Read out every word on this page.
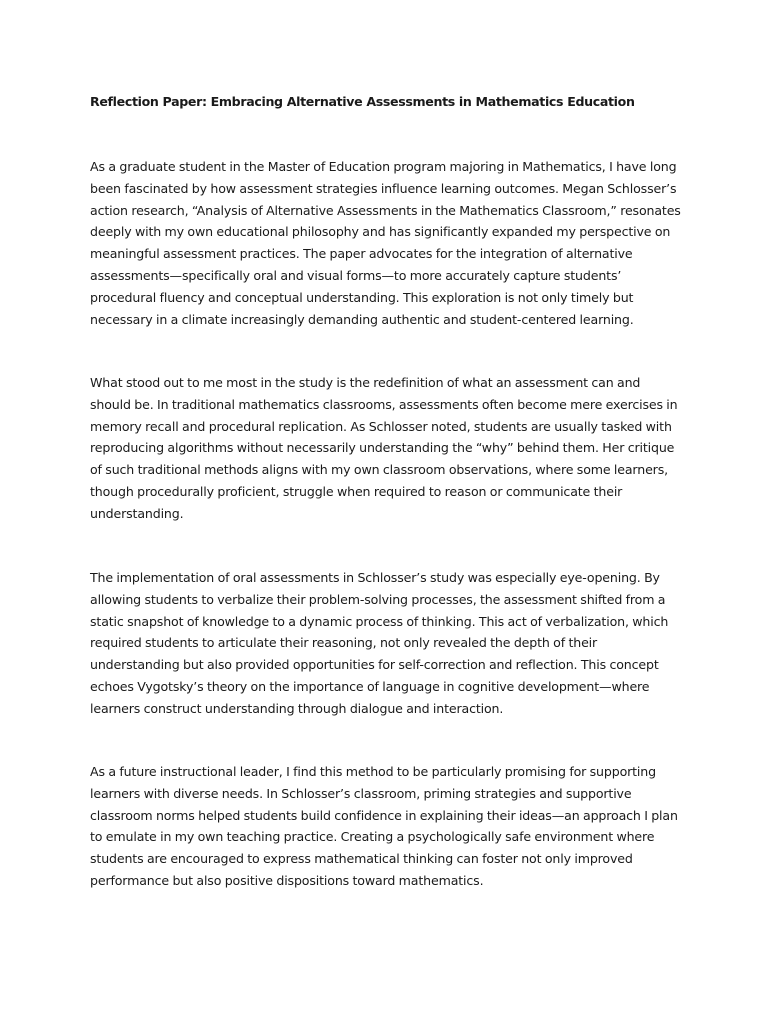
Reflection Paper: Embracing Alternative Assessments in Mathematics Education

As a graduate student in the Master of Education program majoring in Mathematics, I have long been fascinated by how assessment strategies influence learning outcomes. Megan Schlosser’s action research, “Analysis of Alternative Assessments in the Mathematics Classroom,” resonates deeply with my own educational philosophy and has significantly expanded my perspective on meaningful assessment practices. The paper advocates for the integration of alternative assessments—specifically oral and visual forms—to more accurately capture students’ procedural fluency and conceptual understanding. This exploration is not only timely but necessary in a climate increasingly demanding authentic and student-centered learning.

What stood out to me most in the study is the redefinition of what an assessment can and should be. In traditional mathematics classrooms, assessments often become mere exercises in memory recall and procedural replication. As Schlosser noted, students are usually tasked with reproducing algorithms without necessarily understanding the “why” behind them. Her critique of such traditional methods aligns with my own classroom observations, where some learners, though procedurally proficient, struggle when required to reason or communicate their understanding.

The implementation of oral assessments in Schlosser’s study was especially eye-opening. By allowing students to verbalize their problem-solving processes, the assessment shifted from a static snapshot of knowledge to a dynamic process of thinking. This act of verbalization, which required students to articulate their reasoning, not only revealed the depth of their understanding but also provided opportunities for self-correction and reflection. This concept echoes Vygotsky’s theory on the importance of language in cognitive development—where learners construct understanding through dialogue and interaction.

As a future instructional leader, I find this method to be particularly promising for supporting learners with diverse needs. In Schlosser’s classroom, priming strategies and supportive classroom norms helped students build confidence in explaining their ideas—an approach I plan to emulate in my own teaching practice. Creating a psychologically safe environment where students are encouraged to express mathematical thinking can foster not only improved performance but also positive dispositions toward mathematics.
